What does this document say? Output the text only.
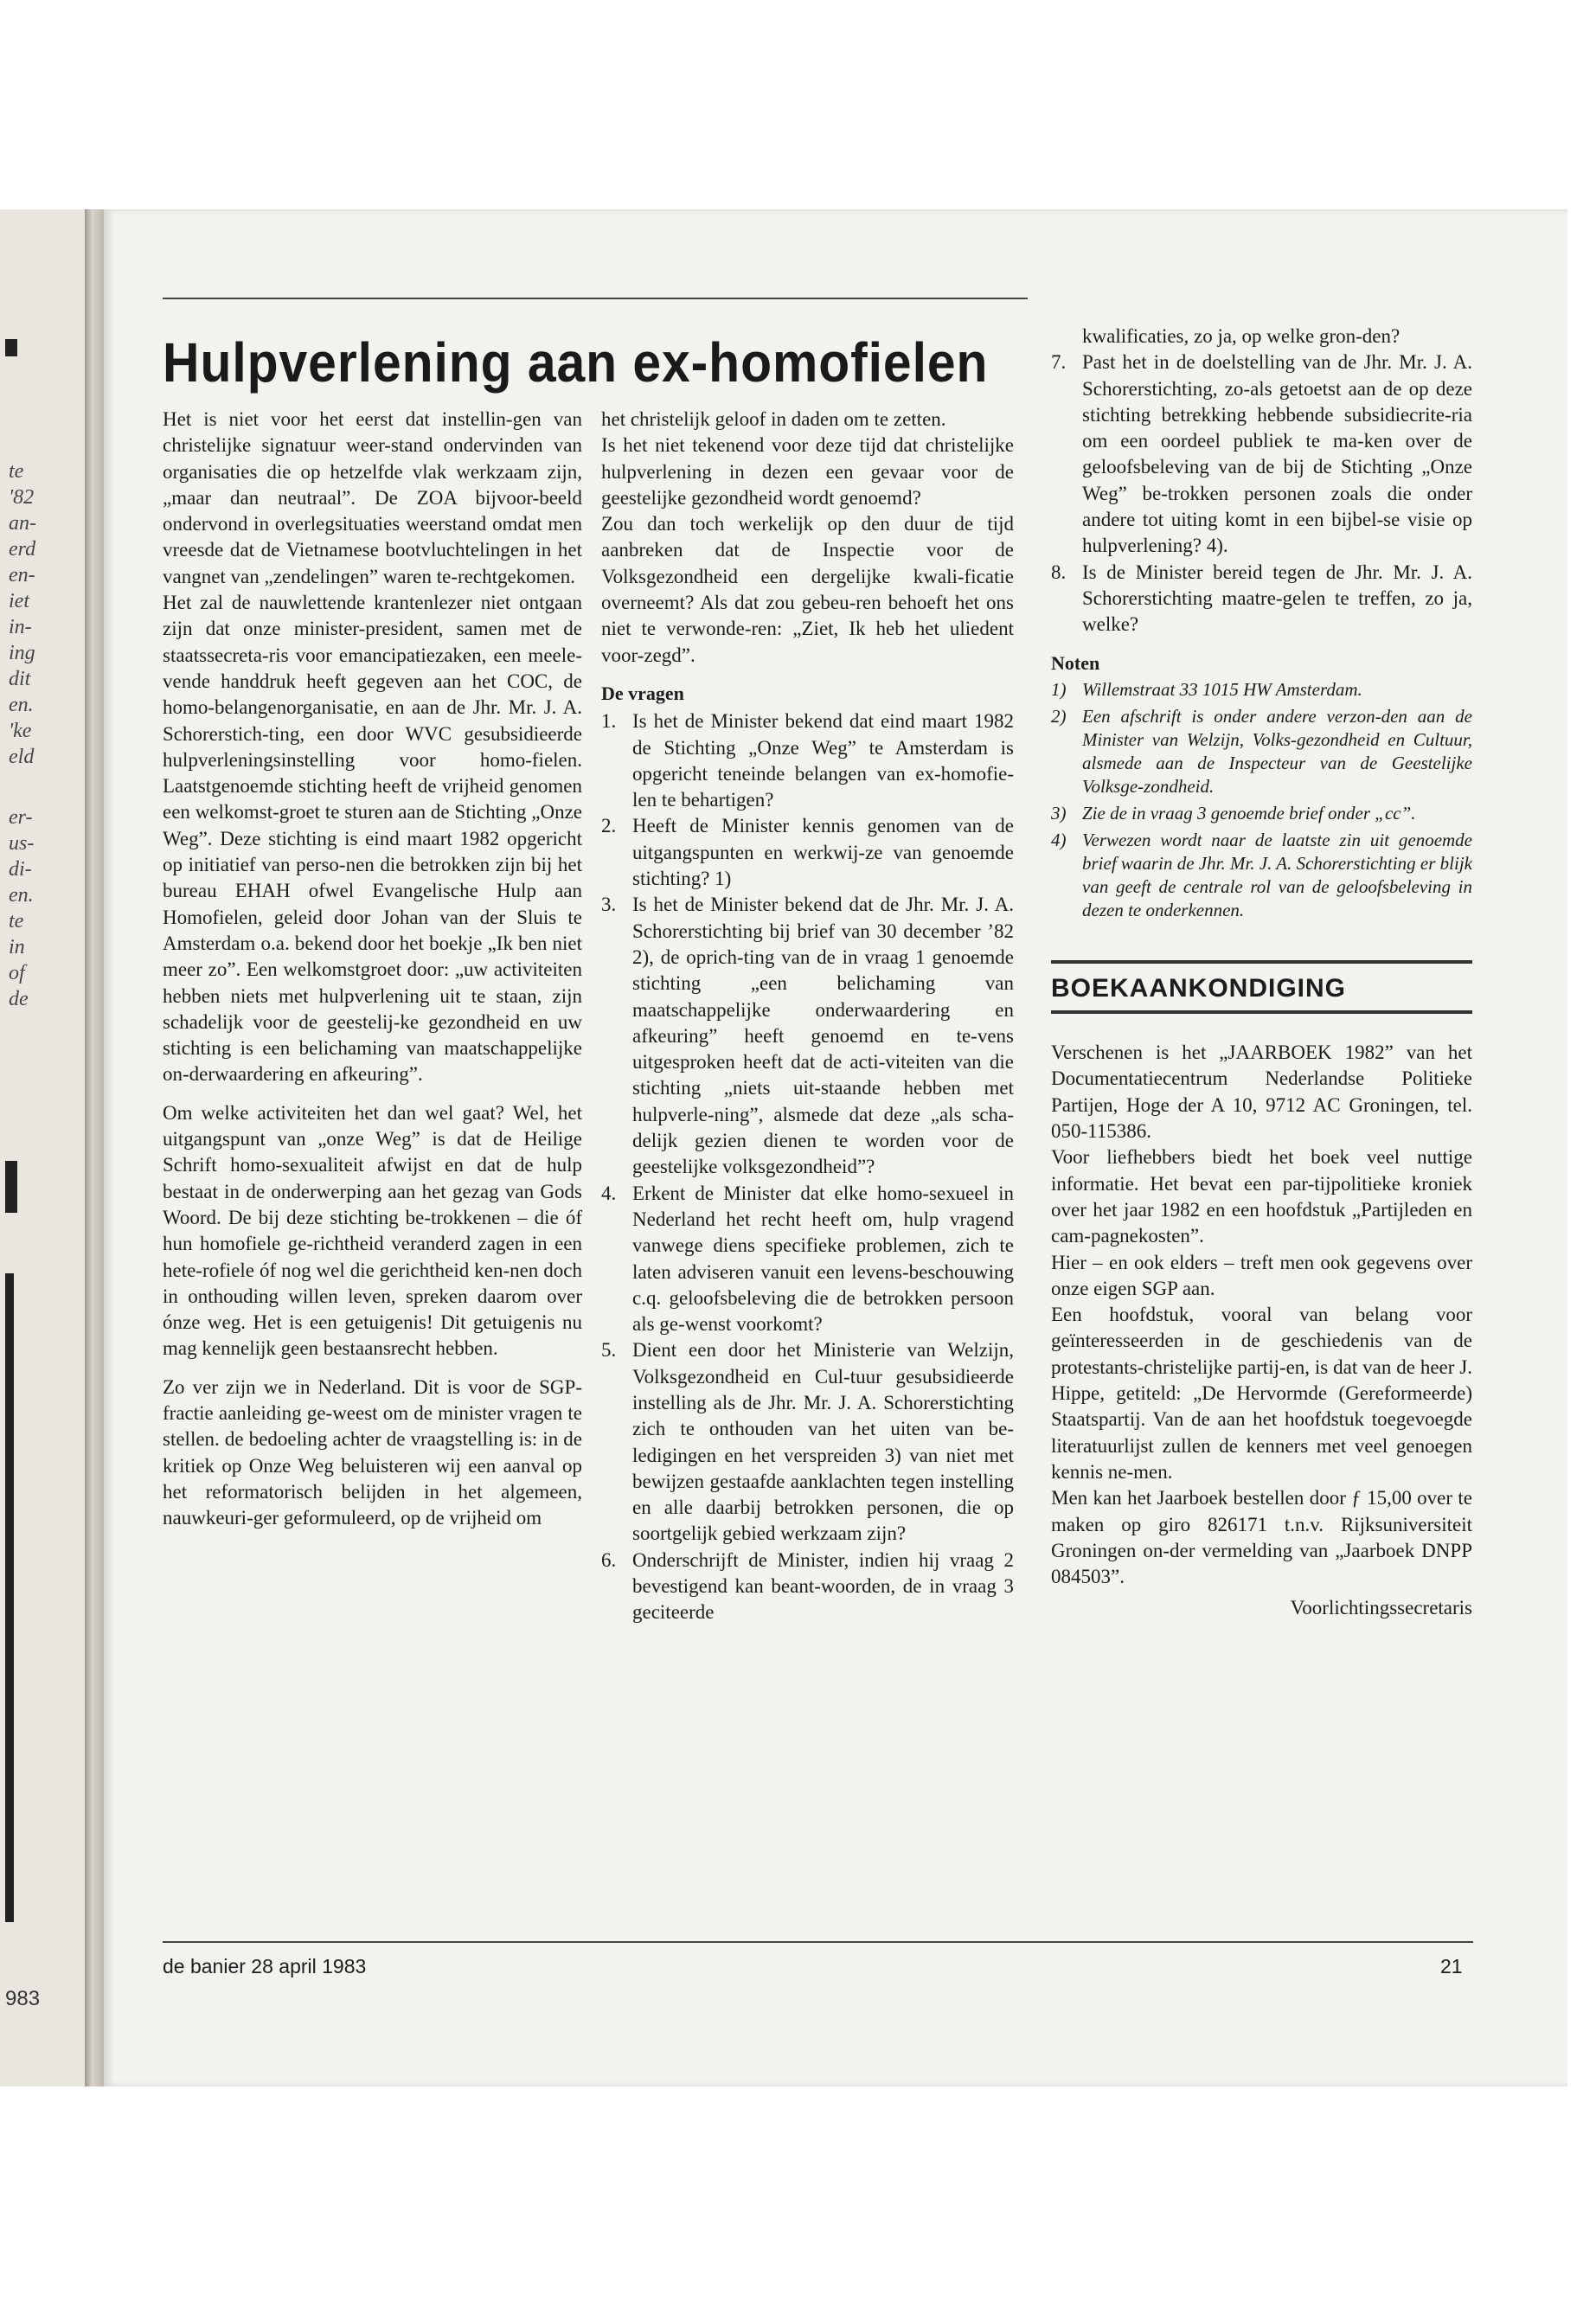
te
'82
an-
erd
en-
iet
in-
ing
dit
en.
'ke
eld
er-
us-
di-
en.
te
in
of
de
983
Hulpverlening aan ex-homofielen

Het is niet voor het eerst dat instellin-gen van christelijke signatuur weer-stand ondervinden van organisaties die op hetzelfde vlak werkzaam zijn, „maar dan neutraal”. De ZOA bijvoor-beeld ondervond in overlegsituaties weerstand omdat men vreesde dat de Vietnamese bootvluchtelingen in het vangnet van „zendelingen” waren te-rechtgekomen.

Het zal de nauwlettende krantenlezer niet ontgaan zijn dat onze minister-president, samen met de staatssecreta-ris voor emancipatiezaken, een meele-vende handdruk heeft gegeven aan het COC, de homo-belangenorganisatie, en aan de Jhr. Mr. J. A. Schorerstich-ting, een door WVC gesubsidieerde hulpverleningsinstelling voor homo-fielen. Laatstgenoemde stichting heeft de vrijheid genomen een welkomst-groet te sturen aan de Stichting „Onze Weg”. Deze stichting is eind maart 1982 opgericht op initiatief van perso-nen die betrokken zijn bij het bureau EHAH ofwel Evangelische Hulp aan Homofielen, geleid door Johan van der Sluis te Amsterdam o.a. bekend door het boekje „Ik ben niet meer zo”. Een welkomstgroet door: „uw activiteiten hebben niets met hulpverlening uit te staan, zijn schadelijk voor de geestelij-ke gezondheid en uw stichting is een belichaming van maatschappelijke on-derwaardering en afkeuring”.

Om welke activiteiten het dan wel gaat? Wel, het uitgangspunt van „onze Weg” is dat de Heilige Schrift homo-sexualiteit afwijst en dat de hulp bestaat in de onderwerping aan het gezag van Gods Woord. De bij deze stichting be-trokkenen – die óf hun homofiele ge-richtheid veranderd zagen in een hete-rofiele óf nog wel die gerichtheid ken-nen doch in onthouding willen leven, spreken daarom over ónze weg. Het is een getuigenis! Dit getuigenis nu mag kennelijk geen bestaansrecht hebben.

Zo ver zijn we in Nederland. Dit is voor de SGP-fractie aanleiding ge-weest om de minister vragen te stellen. de bedoeling achter de vraagstelling is: in de kritiek op Onze Weg beluisteren wij een aanval op het reformatorisch belijden in het algemeen, nauwkeuri-ger geformuleerd, op de vrijheid om

het christelijk geloof in daden om te zetten.

Is het niet tekenend voor deze tijd dat christelijke hulpverlening in dezen een gevaar voor de geestelijke gezondheid wordt genoemd?

Zou dan toch werkelijk op den duur de tijd aanbreken dat de Inspectie voor de Volksgezondheid een dergelijke kwali-ficatie overneemt? Als dat zou gebeu-ren behoeft het ons niet te verwonde-ren: „Ziet, Ik heb het uliedent voor-zegd”.

De vragen
1. Is het de Minister bekend dat eind maart 1982 de Stichting „Onze Weg” te Amsterdam is opgericht teneinde belangen van ex-homofie-len te behartigen?
2. Heeft de Minister kennis genomen van de uitgangspunten en werkwij-ze van genoemde stichting? 1)
3. Is het de Minister bekend dat de Jhr. Mr. J. A. Schorerstichting bij brief van 30 december ’82 2), de oprich-ting van de in vraag 1 genoemde stichting „een belichaming van maatschappelijke onderwaardering en afkeuring” heeft genoemd en te-vens uitgesproken heeft dat de acti-viteiten van die stichting „niets uit-staande hebben met hulpverle-ning”, alsmede dat deze „als scha-delijk gezien dienen te worden voor de geestelijke volksgezondheid”?
4. Erkent de Minister dat elke homo-sexueel in Nederland het recht heeft om, hulp vragend vanwege diens specifieke problemen, zich te laten adviseren vanuit een levens-beschouwing c.q. geloofsbeleving die de betrokken persoon als ge-wenst voorkomt?
5. Dient een door het Ministerie van Welzijn, Volksgezondheid en Cul-tuur gesubsidieerde instelling als de Jhr. Mr. J. A. Schorerstichting zich te onthouden van het uiten van be-ledigingen en het verspreiden 3) van niet met bewijzen gestaafde aanklachten tegen instelling en alle daarbij betrokken personen, die op soortgelijk gebied werkzaam zijn?
6. Onderschrijft de Minister, indien hij vraag 2 bevestigend kan beant-woorden, de in vraag 3 geciteerde
kwalificaties, zo ja, op welke gron-den?
7. Past het in de doelstelling van de Jhr. Mr. J. A. Schorerstichting, zo-als getoetst aan de op deze stichting betrekking hebbende subsidiecrite-ria om een oordeel publiek te ma-ken over de geloofsbeleving van de bij de Stichting „Onze Weg” be-trokken personen zoals die onder andere tot uiting komt in een bijbel-se visie op hulpverlening? 4).
8. Is de Minister bereid tegen de Jhr. Mr. J. A. Schorerstichting maatre-gelen te treffen, zo ja, welke?
Noten
1) Willemstraat 33 1015 HW Amsterdam.
2) Een afschrift is onder andere verzon-den aan de Minister van Welzijn, Volks-gezondheid en Cultuur, alsmede aan de Inspecteur van de Geestelijke Volksge-zondheid.
3) Zie de in vraag 3 genoemde brief onder „cc”.
4) Verwezen wordt naar de laatste zin uit genoemde brief waarin de Jhr. Mr. J. A. Schorerstichting er blijk van geeft de centrale rol van de geloofsbeleving in dezen te onderkennen.
BOEKAANKONDIGING

Verschenen is het „JAARBOEK 1982” van het Documentatiecentrum Nederlandse Politieke Partijen, Hoge der A 10, 9712 AC Groningen, tel. 050-115386.

Voor liefhebbers biedt het boek veel nuttige informatie. Het bevat een par-tijpolitieke kroniek over het jaar 1982 en een hoofdstuk „Partijleden en cam-pagnekosten”.

Hier – en ook elders – treft men ook gegevens over onze eigen SGP aan.

Een hoofdstuk, vooral van belang voor geïnteresseerden in de geschiedenis van de protestants-christelijke partij-en, is dat van de heer J. Hippe, getiteld: „De Hervormde (Gereformeerde) Staatspartij. Van de aan het hoofdstuk toegevoegde literatuurlijst zullen de kenners met veel genoegen kennis ne-men.

Men kan het Jaarboek bestellen door ƒ 15,00 over te maken op giro 826171 t.n.v. Rijksuniversiteit Groningen on-der vermelding van „Jaarboek DNPP 084503”.

Voorlichtingssecretaris
de banier 28 april 1983	21
